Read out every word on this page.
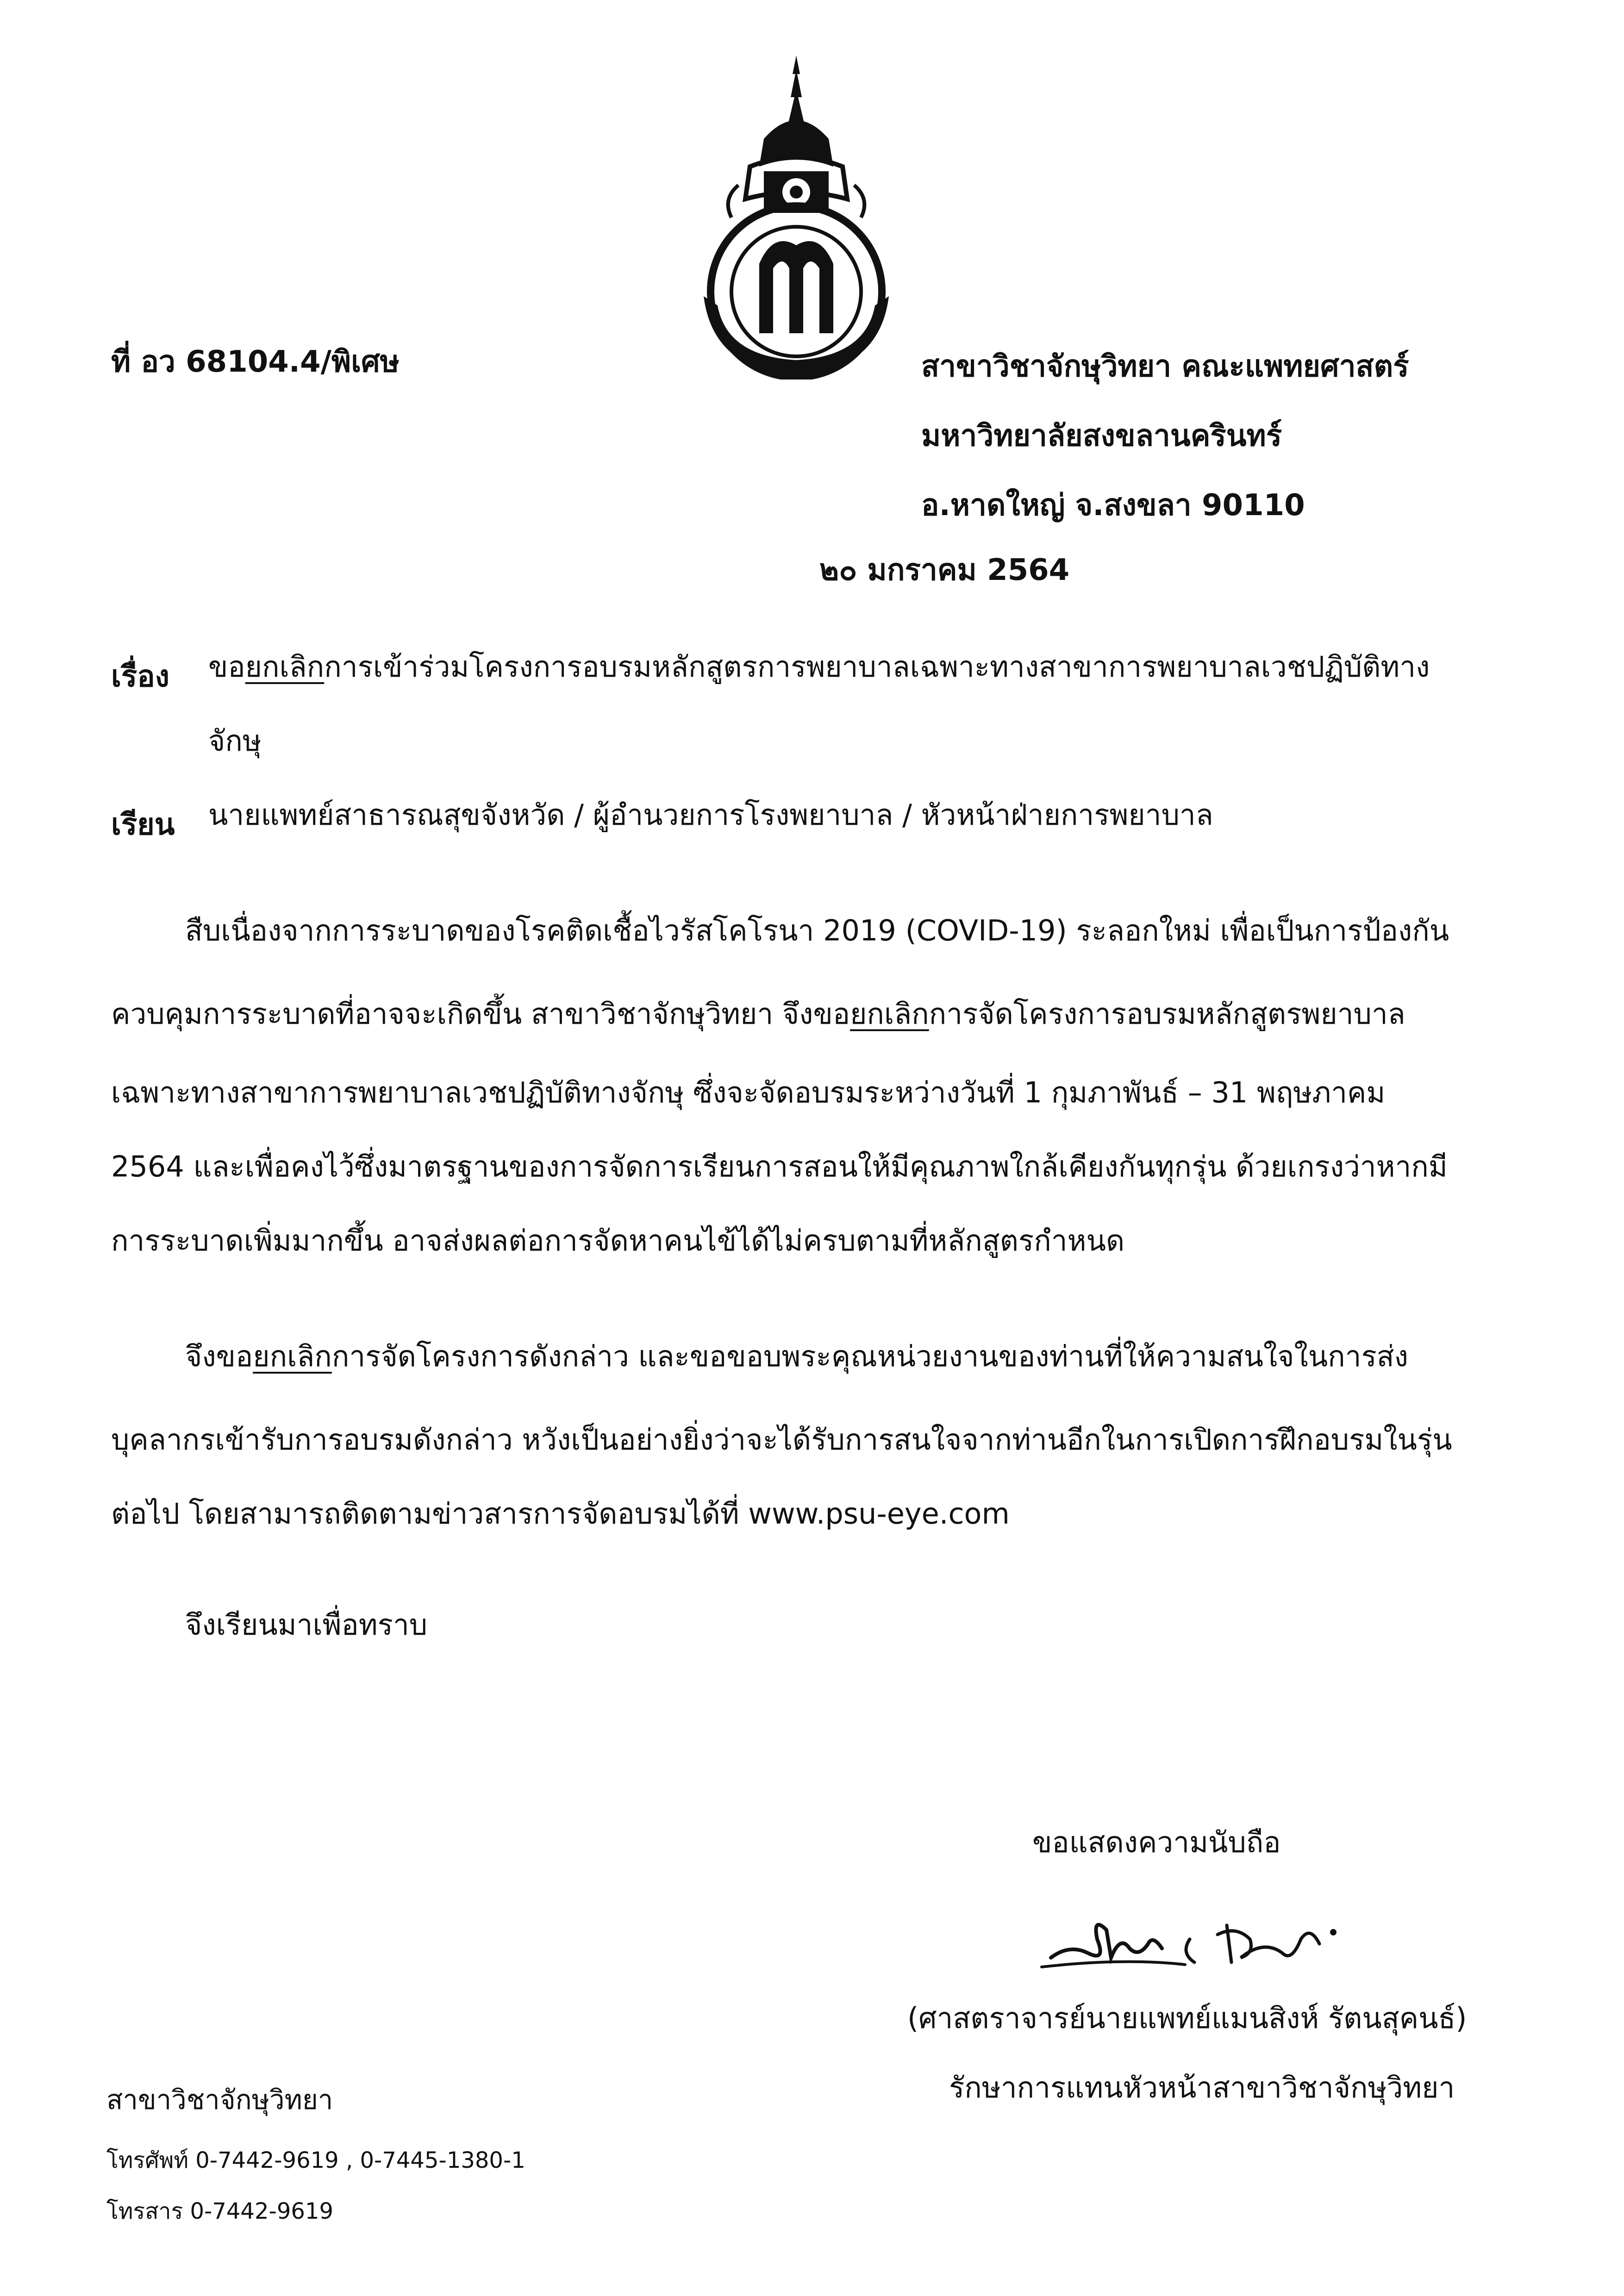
ที่ อว 68104.4/พิเศษ	สาขาวิชาจักษุวิทยา คณะแพทยศาสตร์
มหาวิทยาลัยสงขลานครินทร์
อ.หาดใหญ่ จ.สงขลา 90110
๒๐ มกราคม 2564
เรื่อง ขอยกเลิกการเข้าร่วมโครงการอบรมหลักสูตรการพยาบาลเฉพาะทางสาขาการพยาบาลเวชปฏิบัติทาง
จักษุ
เรียน นายแพทย์สาธารณสุขจังหวัด / ผู้อำนวยการโรงพยาบาล / หัวหน้าฝ่ายการพยาบาล
สืบเนื่องจากการระบาดของโรคติดเชื้อไวรัสโคโรนา 2019 (COVID-19) ระลอกใหม่ เพื่อเป็นการป้องกัน
ควบคุมการระบาดที่อาจจะเกิดขึ้น สาขาวิชาจักษุวิทยา จึงขอยกเลิกการจัดโครงการอบรมหลักสูตรพยาบาล
เฉพาะทางสาขาการพยาบาลเวชปฏิบัติทางจักษุ ซึ่งจะจัดอบรมระหว่างวันที่ 1 กุมภาพันธ์ – 31 พฤษภาคม
2564 และเพื่อคงไว้ซึ่งมาตรฐานของการจัดการเรียนการสอนให้มีคุณภาพใกล้เคียงกันทุกรุ่น ด้วยเกรงว่าหากมี
การระบาดเพิ่มมากขึ้น อาจส่งผลต่อการจัดหาคนไข้ได้ไม่ครบตามที่หลักสูตรกำหนด
จึงขอยกเลิกการจัดโครงการดังกล่าว และขอขอบพระคุณหน่วยงานของท่านที่ให้ความสนใจในการส่ง
บุคลากรเข้ารับการอบรมดังกล่าว หวังเป็นอย่างยิ่งว่าจะได้รับการสนใจจากท่านอีกในการเปิดการฝึกอบรมในรุ่น
ต่อไป โดยสามารถติดตามข่าวสารการจัดอบรมได้ที่ www.psu-eye.com
จึงเรียนมาเพื่อทราบ
ขอแสดงความนับถือ
(ศาสตราจารย์นายแพทย์แมนสิงห์ รัตนสุคนธ์)
รักษาการแทนหัวหน้าสาขาวิชาจักษุวิทยา
สาขาวิชาจักษุวิทยา
โทรศัพท์ 0-7442-9619 , 0-7445-1380-1
โทรสาร 0-7442-9619
